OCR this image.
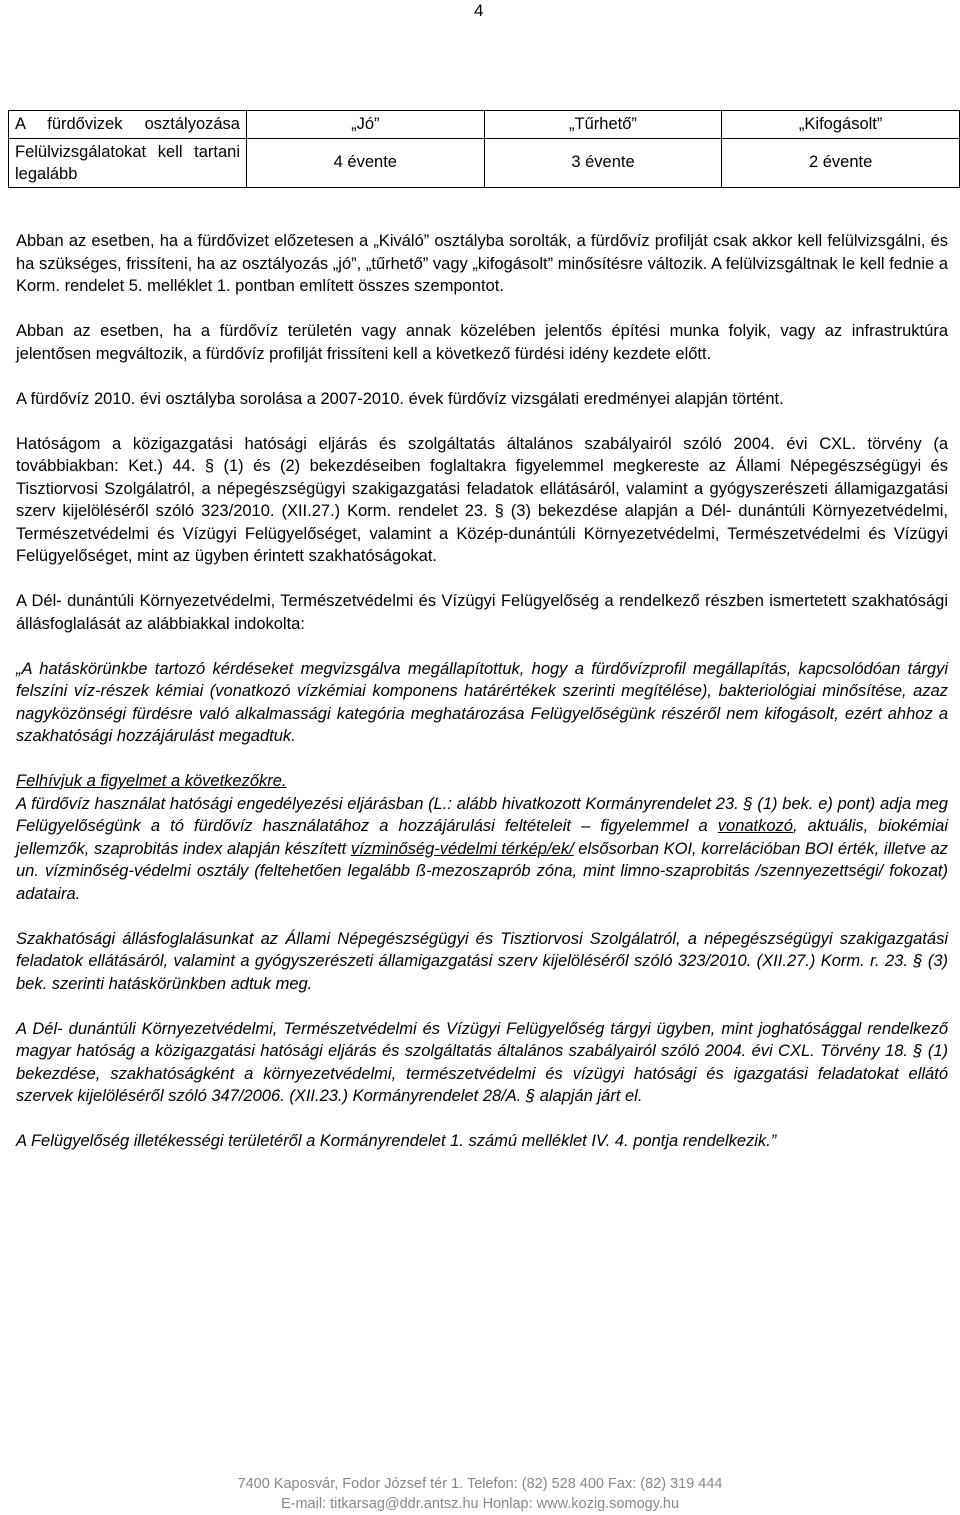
4
A fürdővizek osztályozása	„Jó”	„Tűrhető”	„Kifogásolt”
Felülvizsgálatokat kell tartani legalább	4 évente	3 évente	2 évente

Abban az esetben, ha a fürdővizet előzetesen a „Kiváló” osztályba sorolták, a fürdővíz profilját csak akkor kell felülvizsgálni, és ha szükséges, frissíteni, ha az osztályozás „jó”, „tűrhető” vagy „kifogásolt” minősítésre változik. A felülvizsgáltnak le kell fednie a Korm. rendelet 5. melléklet 1. pontban említett összes szempontot.

Abban az esetben, ha a fürdővíz területén vagy annak közelében jelentős építési munka folyik, vagy az infrastruktúra jelentősen megváltozik, a fürdővíz profilját frissíteni kell a következő fürdési idény kezdete előtt.

A fürdővíz 2010. évi osztályba sorolása a 2007-2010. évek fürdővíz vizsgálati eredményei alapján történt.

Hatóságom a közigazgatási hatósági eljárás és szolgáltatás általános szabályairól szóló 2004. évi CXL. törvény (a továbbiakban: Ket.) 44. § (1) és (2) bekezdéseiben foglaltakra figyelemmel megkereste az Állami Népegészségügyi és Tisztiorvosi Szolgálatról, a népegészségügyi szakigazgatási feladatok ellátásáról, valamint a gyógyszerészeti államigazgatási szerv kijelöléséről szóló 323/2010. (XII.27.) Korm. rendelet 23. § (3) bekezdése alapján a Dél- dunántúli Környezetvédelmi, Természetvédelmi és Vízügyi Felügyelőséget, valamint a Közép-dunántúli Környezetvédelmi, Természetvédelmi és Vízügyi Felügyelőséget, mint az ügyben érintett szakhatóságokat.

A Dél- dunántúli Környezetvédelmi, Természetvédelmi és Vízügyi Felügyelőség a rendelkező részben ismertetett szakhatósági állásfoglalását az alábbiakkal indokolta:

„A hatáskörünkbe tartozó kérdéseket megvizsgálva megállapítottuk, hogy a fürdővízprofil megállapítás, kapcsolódóan tárgyi felszíni víz-részek kémiai (vonatkozó vízkémiai komponens határértékek szerinti megítélése), bakteriológiai minősítése, azaz nagyközönségi fürdésre való alkalmassági kategória meghatározása Felügyelőségünk részéről nem kifogásolt, ezért ahhoz a szakhatósági hozzájárulást megadtuk.

Felhívjuk a figyelmet a következőkre.
A fürdővíz használat hatósági engedélyezési eljárásban (L.: alább hivatkozott Kormányrendelet 23. § (1) bek. e) pont) adja meg Felügyelőségünk a tó fürdővíz használatához a hozzájárulási feltételeit – figyelemmel a vonatkozó, aktuális, biokémiai jellemzők, szaprobitás index alapján készített vízminőség-védelmi térkép/ek/ elsősorban KOI, korrelációban BOI érték, illetve az un. vízminőség-védelmi osztály (feltehetően legalább ß-mezoszaprób zóna, mint limno-szaprobitás /szennyezettségi/ fokozat) adataira.

Szakhatósági állásfoglalásunkat az Állami Népegészségügyi és Tisztiorvosi Szolgálatról, a népegészségügyi szakigazgatási feladatok ellátásáról, valamint a gyógyszerészeti államigazgatási szerv kijelöléséről szóló 323/2010. (XII.27.) Korm. r. 23. § (3) bek. szerinti hatáskörünkben adtuk meg.

A Dél- dunántúli Környezetvédelmi, Természetvédelmi és Vízügyi Felügyelőség tárgyi ügyben, mint joghatósággal rendelkező magyar hatóság a közigazgatási hatósági eljárás és szolgáltatás általános szabályairól szóló 2004. évi CXL. Törvény 18. § (1) bekezdése, szakhatóságként a környezetvédelmi, természetvédelmi és vízügyi hatósági és igazgatási feladatokat ellátó szervek kijelöléséről szóló 347/2006. (XII.23.) Kormányrendelet 28/A. § alapján járt el.

A Felügyelőség illetékességi területéről a Kormányrendelet 1. számú melléklet IV. 4. pontja rendelkezik.”

7400 Kaposvár, Fodor József tér 1. Telefon: (82) 528 400 Fax: (82) 319 444
E-mail: titkarsag@ddr.antsz.hu Honlap: www.kozig.somogy.hu
